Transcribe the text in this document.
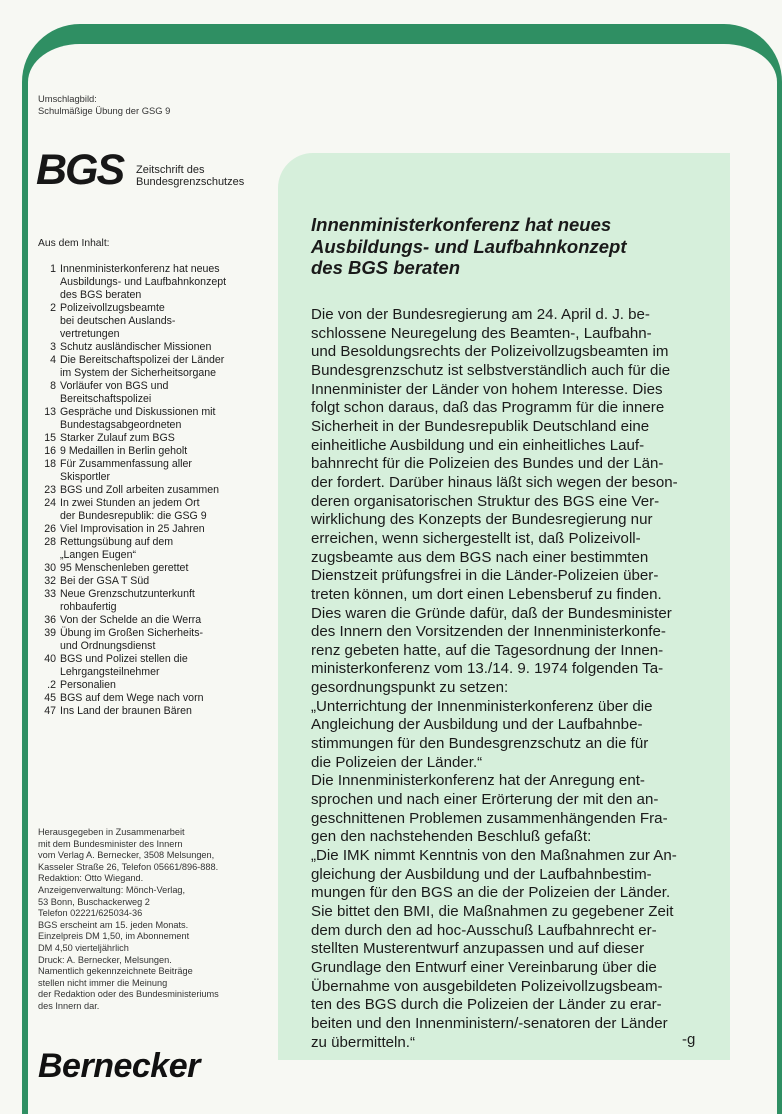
Umschlagbild:
Schulmäßige Übung der GSG 9
BGS Zeitschrift des
Bundesgrenzschutzes
Aus dem Inhalt:
1 Innenministerkonferenz hat neues
Ausbildungs- und Laufbahnkonzept
des BGS beraten
2 Polizeivollzugsbeamte
bei deutschen Auslands-
vertretungen
3 Schutz ausländischer Missionen
4 Die Bereitschaftspolizei der Länder
im System der Sicherheitsorgane
8 Vorläufer von BGS und
Bereitschaftspolizei
13 Gespräche und Diskussionen mit
Bundestagsabgeordneten
15 Starker Zulauf zum BGS
16 9 Medaillen in Berlin geholt
18 Für Zusammenfassung aller
Skisportler
23 BGS und Zoll arbeiten zusammen
24 In zwei Stunden an jedem Ort
der Bundesrepublik: die GSG 9
26 Viel Improvisation in 25 Jahren
28 Rettungsübung auf dem
„Langen Eugen“
30 95 Menschenleben gerettet
32 Bei der GSA T Süd
33 Neue Grenzschutzunterkunft
rohbaufertig
36 Von der Schelde an die Werra
39 Übung im Großen Sicherheits-
und Ordnungsdienst
40 BGS und Polizei stellen die
Lehrgangsteilnehmer
.2 Personalien
45 BGS auf dem Wege nach vorn
47 Ins Land der braunen Bären
Herausgegeben in Zusammenarbeit
mit dem Bundesminister des Innern
vom Verlag A. Bernecker, 3508 Melsungen,
Kasseler Straße 26, Telefon 05661/896-888.
Redaktion: Otto Wiegand.
Anzeigenverwaltung: Mönch-Verlag,
53 Bonn, Buschackerweg 2
Telefon 02221/625034-36
BGS erscheint am 15. jeden Monats.
Einzelpreis DM 1,50, im Abonnement
DM 4,50 vierteljährlich
Druck: A. Bernecker, Melsungen.
Namentlich gekennzeichnete Beiträge
stellen nicht immer die Meinung
der Redaktion oder des Bundesministeriums
des Innern dar.
Bernecker
Innenministerkonferenz hat neues
Ausbildungs- und Laufbahnkonzept
des BGS beraten
Die von der Bundesregierung am 24. April d. J. be-
schlossene Neuregelung des Beamten-, Laufbahn-
und Besoldungsrechts der Polizeivollzugsbeamten im
Bundesgrenzschutz ist selbstverständlich auch für die
Innenminister der Länder von hohem Interesse. Dies
folgt schon daraus, daß das Programm für die innere
Sicherheit in der Bundesrepublik Deutschland eine
einheitliche Ausbildung und ein einheitliches Lauf-
bahnrecht für die Polizeien des Bundes und der Län-
der fordert. Darüber hinaus läßt sich wegen der beson-
deren organisatorischen Struktur des BGS eine Ver-
wirklichung des Konzepts der Bundesregierung nur
erreichen, wenn sichergestellt ist, daß Polizeivoll-
zugsbeamte aus dem BGS nach einer bestimmten
Dienstzeit prüfungsfrei in die Länder-Polizeien über-
treten können, um dort einen Lebensberuf zu finden.
Dies waren die Gründe dafür, daß der Bundesminister
des Innern den Vorsitzenden der Innenministerkonfe-
renz gebeten hatte, auf die Tagesordnung der Innen-
ministerkonferenz vom 13./14. 9. 1974 folgenden Ta-
gesordnungspunkt zu setzen:
„Unterrichtung der Innenministerkonferenz über die
Angleichung der Ausbildung und der Laufbahnbe-
stimmungen für den Bundesgrenzschutz an die für
die Polizeien der Länder.“
Die Innenministerkonferenz hat der Anregung ent-
sprochen und nach einer Erörterung der mit den an-
geschnittenen Problemen zusammenhängenden Fra-
gen den nachstehenden Beschluß gefaßt:
„Die IMK nimmt Kenntnis von den Maßnahmen zur An-
gleichung der Ausbildung und der Laufbahnbestim-
mungen für den BGS an die der Polizeien der Länder.
Sie bittet den BMI, die Maßnahmen zu gegebener Zeit
dem durch den ad hoc-Ausschuß Laufbahnrecht er-
stellten Musterentwurf anzupassen und auf dieser
Grundlage den Entwurf einer Vereinbarung über die
Übernahme von ausgebildeten Polizeivollzugsbeam-
ten des BGS durch die Polizeien der Länder zu erar-
beiten und den Innenministern/-senatoren der Länder
zu übermitteln.“	-g
